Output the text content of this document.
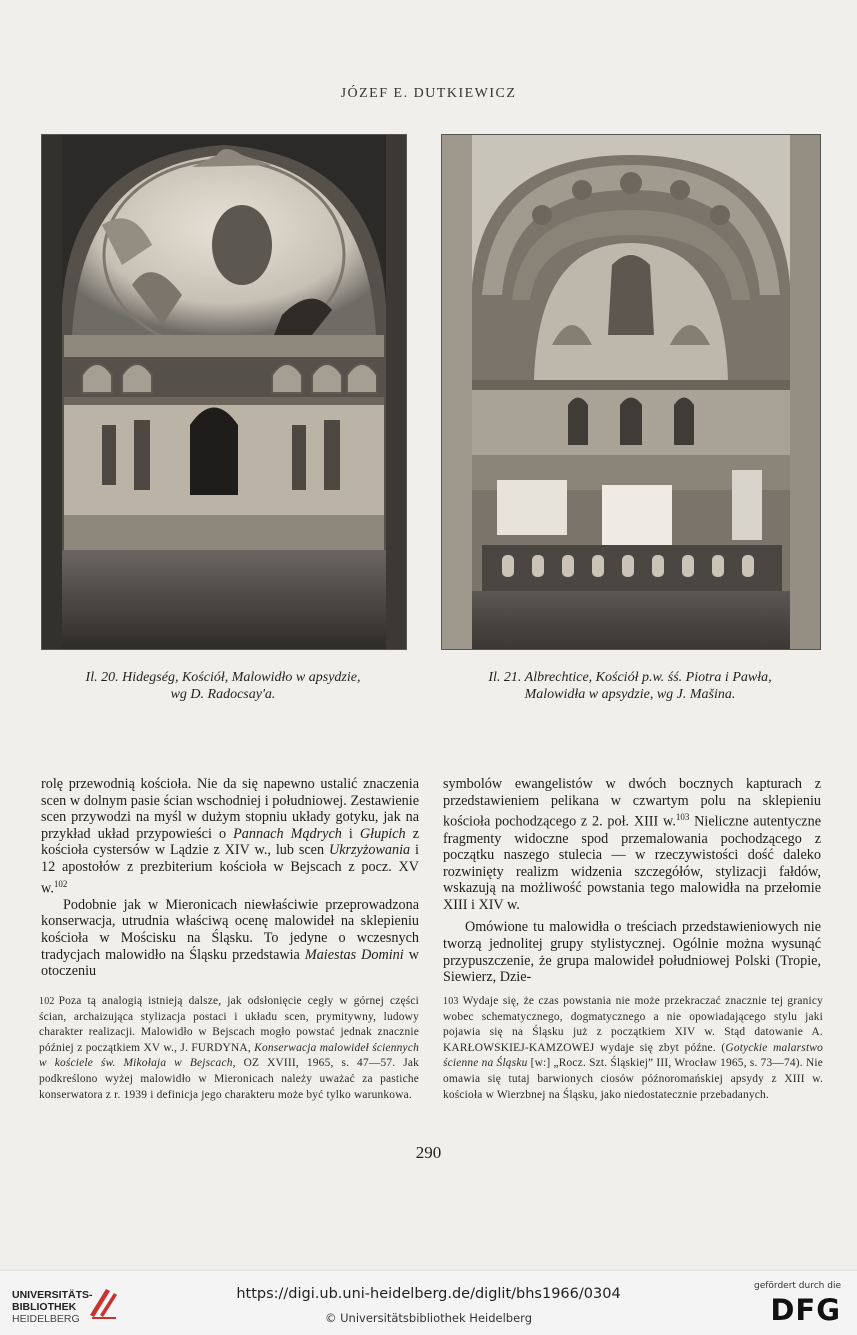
JÓZEF E. DUTKIEWICZ
Il. 20. Hidegség, Kościół, Malowidło w apsydzie,
wg D. Radocsay'a.
Il. 21. Albrechtice, Kościół p.w. śś. Piotra i Pawła,
Malowidła w apsydzie, wg J. Mašina.

rolę przewodnią kościoła. Nie da się napewno ustalić znaczenia scen w dolnym pasie ścian wschodniej i południowej. Zestawienie scen przywodzi na myśl w dużym stopniu układy gotyku, jak na przykład układ przypowieści o Pannach Mądrych i Głupich z kościoła cystersów w Lądzie z XIV w., lub scen Ukrzyżowania i 12 apostołów z prezbiterium kościoła w Bejscach z pocz. XV w.$^{102}$

Podobnie jak w Mieronicach niewłaściwie przeprowadzona konserwacja, utrudnia właściwą ocenę malowideł na sklepieniu kościoła w Mościsku na Śląsku. To jedyne o wczesnych tradycjach malowidło na Śląsku przedstawia Maiestas Domini w otoczeniu

symbolów ewangelistów w dwóch bocznych kapturach z przedstawieniem pelikana w czwartym polu na sklepieniu kościoła pochodzącego z 2. poł. XIII w.$^{103}$ Nieliczne autentyczne fragmenty widoczne spod przemalowania pochodzącego z początku naszego stulecia — w rzeczywistości dość daleko rozwinięty realizm widzenia szczegółów, stylizacji fałdów, wskazują na możliwość powstania tego malowidła na przełomie XIII i XIV w.

Omówione tu malowidła o treściach przedstawieniowych nie tworzą jednolitej grupy stylistycznej. Ogólnie można wysunąć przypuszczenie, że grupa malowideł południowej Polski (Tropie, Siewierz, Dzie-

102 Poza tą analogią istnieją dalsze, jak odsłonięcie cegły w górnej części ścian, archaizująca stylizacja postaci i układu scen, prymitywny, ludowy charakter realizacji. Malowidło w Bejscach mogło powstać jednak znacznie później z początkiem XV w., J. FURDYNA, Konserwacja malowideł ściennych w kościele św. Mikołaja w Bejscach, OZ XVIII, 1965, s. 47—57. Jak podkreślono wyżej malowidło w Mieronicach należy uważać za pastiche konserwatora z r. 1939 i definicja jego charakteru może być tylko warunkowa.
103 Wydaje się, że czas powstania nie może przekraczać znacznie tej granicy wobec schematycznego, dogmatycznego a nie opowiadającego stylu jaki pojawia się na Śląsku już z początkiem XIV w. Stąd datowanie A. KARŁOWSKIEJ-KAMZOWEJ wydaje się zbyt późne. (Gotyckie malarstwo ścienne na Śląsku [w:] „Rocz. Szt. Śląskiej” III, Wrocław 1965, s. 73—74). Nie omawia się tutaj barwionych ciosów późnoromańskiej apsydy z XIII w. kościoła w Wierzbnej na Śląsku, jako niedostatecznie przebadanych.
290
UNIVERSITÄTS-
BIBLIOTHEK
HEIDELBERG
https://digi.ub.uni-heidelberg.de/diglit/bhs1966/0304
© Universitätsbibliothek Heidelberg
gefördert durch die
DFG
